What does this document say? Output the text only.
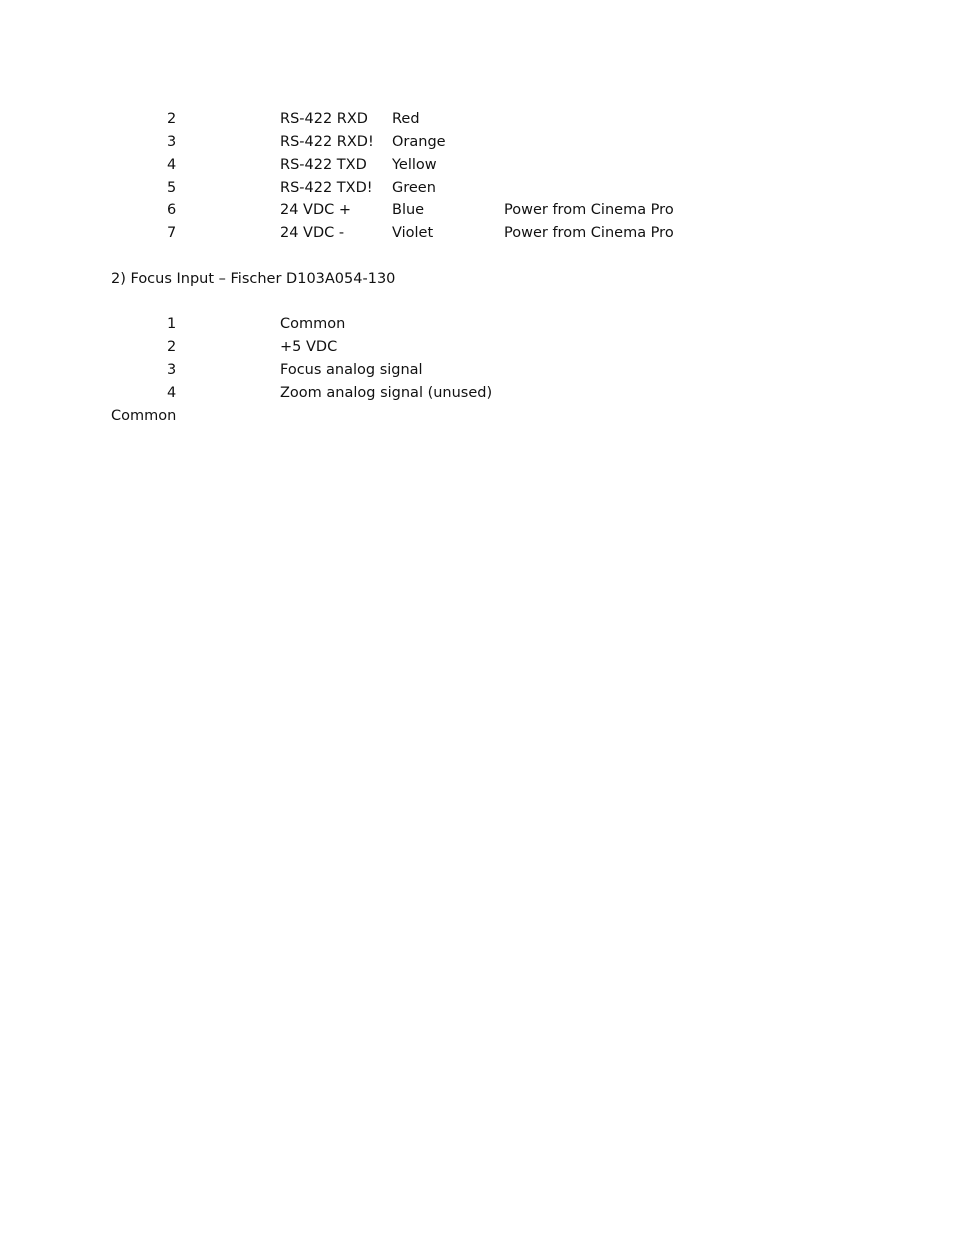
2	RS-422 RXD Red
3	RS-422 RXD! Orange
4	RS-422 TXD Yellow
5	RS-422 TXD! Green
6	24 VDC +	Blue	Power from Cinema Pro
7	24 VDC -	Violet	Power from Cinema Pro
2) Focus Input – Fischer D103A054-130
1	Common
2	+5 VDC
3	Focus analog signal
4	Zoom analog signal (unused)
Common
